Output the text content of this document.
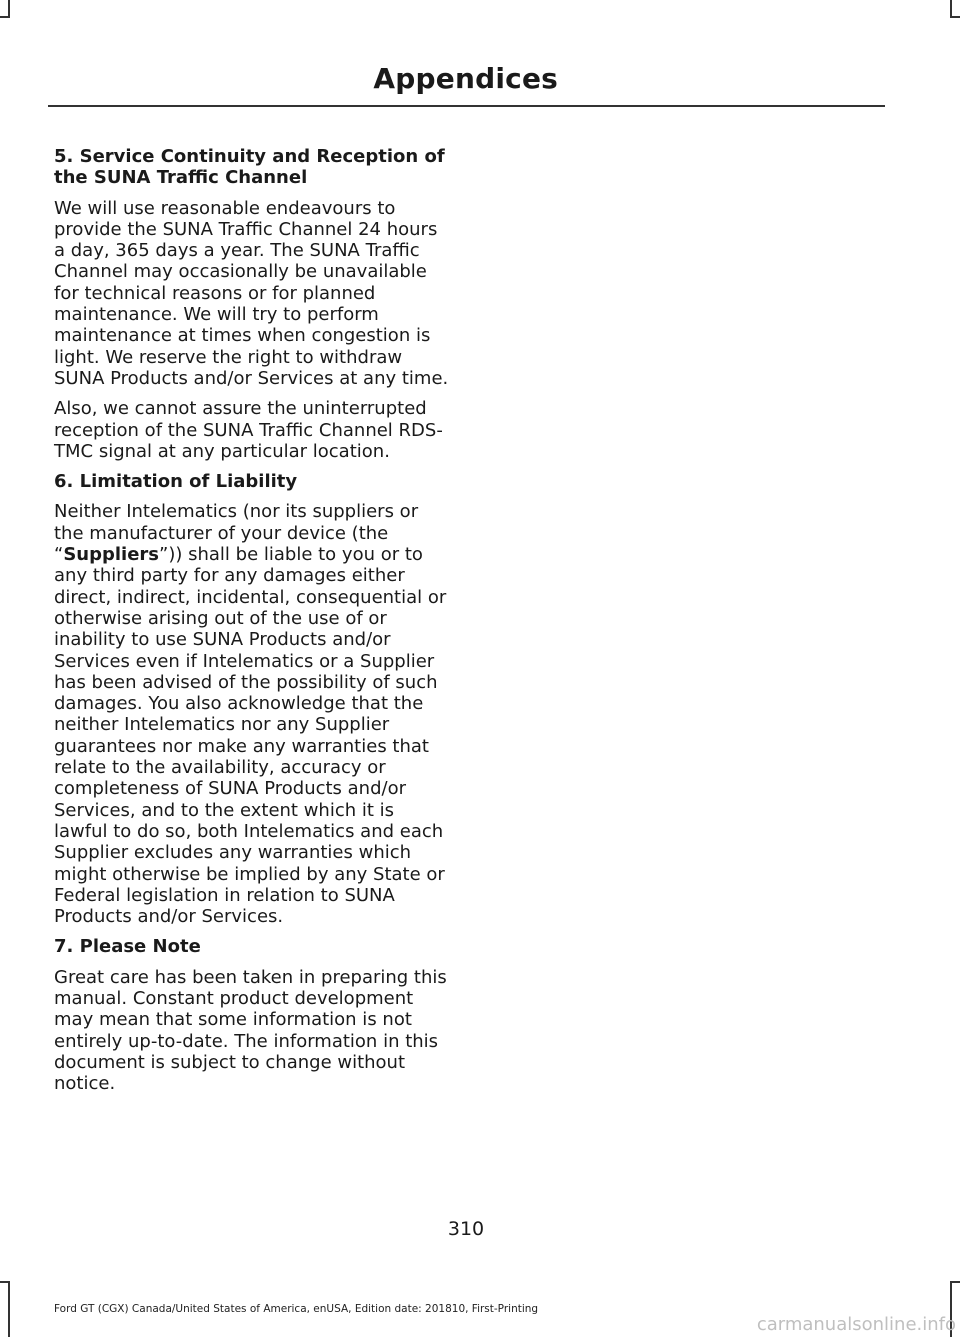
Appendices
5. Service Continuity and Reception of the SUNA Traffic Channel

We will use reasonable endeavours to provide the SUNA Traffic Channel 24 hours a day, 365 days a year. The SUNA Traffic Channel may occasionally be unavailable for technical reasons or for planned maintenance. We will try to perform maintenance at times when congestion is light. We reserve the right to withdraw SUNA Products and/or Services at any time.

Also, we cannot assure the uninterrupted reception of the SUNA Traffic Channel RDS-TMC signal at any particular location.

6. Limitation of Liability

Neither Intelematics (nor its suppliers or the manufacturer of your device (the “Suppliers”)) shall be liable to you or to any third party for any damages either direct, indirect, incidental, consequential or otherwise arising out of the use of or inability to use SUNA Products and/or Services even if Intelematics or a Supplier has been advised of the possibility of such damages. You also acknowledge that the neither Intelematics nor any Supplier guarantees nor make any warranties that relate to the availability, accuracy or completeness of SUNA Products and/or Services, and to the extent which it is lawful to do so, both Intelematics and each Supplier excludes any warranties which might otherwise be implied by any State or Federal legislation in relation to SUNA Products and/or Services.

7. Please Note

Great care has been taken in preparing this manual. Constant product development may mean that some information is not entirely up-to-date. The information in this document is subject to change without notice.

310
Ford GT (CGX) Canada/United States of America, enUSA, Edition date: 201810, First-Printing
carmanualsonline.info
